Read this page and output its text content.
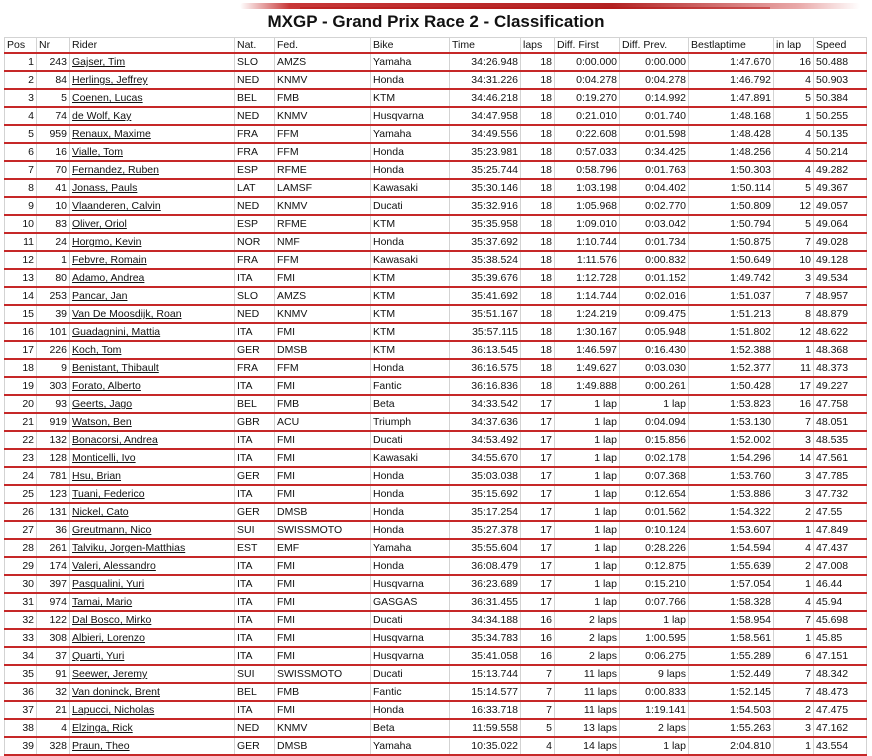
MXGP - Grand Prix Race 2 - Classification
Pos	Nr	Rider	Nat.	Fed.	Bike	Time	laps	Diff. First	Diff. Prev.	Bestlaptime	in lap	Speed
1	243	Gajser, Tim	SLO	AMZS	Yamaha	34:26.948	18	0:00.000	0:00.000	1:47.670	16	50.488
2	84	Herlings, Jeffrey	NED	KNMV	Honda	34:31.226	18	0:04.278	0:04.278	1:46.792	4	50.903
3	5	Coenen, Lucas	BEL	FMB	KTM	34:46.218	18	0:19.270	0:14.992	1:47.891	5	50.384
4	74	de Wolf, Kay	NED	KNMV	Husqvarna	34:47.958	18	0:21.010	0:01.740	1:48.168	1	50.255
5	959	Renaux, Maxime	FRA	FFM	Yamaha	34:49.556	18	0:22.608	0:01.598	1:48.428	4	50.135
6	16	Vialle, Tom	FRA	FFM	Honda	35:23.981	18	0:57.033	0:34.425	1:48.256	4	50.214
7	70	Fernandez, Ruben	ESP	RFME	Honda	35:25.744	18	0:58.796	0:01.763	1:50.303	4	49.282
8	41	Jonass, Pauls	LAT	LAMSF	Kawasaki	35:30.146	18	1:03.198	0:04.402	1:50.114	5	49.367
9	10	Vlaanderen, Calvin	NED	KNMV	Ducati	35:32.916	18	1:05.968	0:02.770	1:50.809	12	49.057
10	83	Oliver, Oriol	ESP	RFME	KTM	35:35.958	18	1:09.010	0:03.042	1:50.794	5	49.064
11	24	Horgmo, Kevin	NOR	NMF	Honda	35:37.692	18	1:10.744	0:01.734	1:50.875	7	49.028
12	1	Febvre, Romain	FRA	FFM	Kawasaki	35:38.524	18	1:11.576	0:00.832	1:50.649	10	49.128
13	80	Adamo, Andrea	ITA	FMI	KTM	35:39.676	18	1:12.728	0:01.152	1:49.742	3	49.534
14	253	Pancar, Jan	SLO	AMZS	KTM	35:41.692	18	1:14.744	0:02.016	1:51.037	7	48.957
15	39	Van De Moosdijk, Roan	NED	KNMV	KTM	35:51.167	18	1:24.219	0:09.475	1:51.213	8	48.879
16	101	Guadagnini, Mattia	ITA	FMI	KTM	35:57.115	18	1:30.167	0:05.948	1:51.802	12	48.622
17	226	Koch, Tom	GER	DMSB	KTM	36:13.545	18	1:46.597	0:16.430	1:52.388	1	48.368
18	9	Benistant, Thibault	FRA	FFM	Honda	36:16.575	18	1:49.627	0:03.030	1:52.377	11	48.373
19	303	Forato, Alberto	ITA	FMI	Fantic	36:16.836	18	1:49.888	0:00.261	1:50.428	17	49.227
20	93	Geerts, Jago	BEL	FMB	Beta	34:33.542	17	1 lap	1 lap	1:53.823	16	47.758
21	919	Watson, Ben	GBR	ACU	Triumph	34:37.636	17	1 lap	0:04.094	1:53.130	7	48.051
22	132	Bonacorsi, Andrea	ITA	FMI	Ducati	34:53.492	17	1 lap	0:15.856	1:52.002	3	48.535
23	128	Monticelli, Ivo	ITA	FMI	Kawasaki	34:55.670	17	1 lap	0:02.178	1:54.296	14	47.561
24	781	Hsu, Brian	GER	FMI	Honda	35:03.038	17	1 lap	0:07.368	1:53.760	3	47.785
25	123	Tuani, Federico	ITA	FMI	Honda	35:15.692	17	1 lap	0:12.654	1:53.886	3	47.732
26	131	Nickel, Cato	GER	DMSB	Honda	35:17.254	17	1 lap	0:01.562	1:54.322	2	47.55
27	36	Greutmann, Nico	SUI	SWISSMOTO	Honda	35:27.378	17	1 lap	0:10.124	1:53.607	1	47.849
28	261	Talviku, Jorgen-Matthias	EST	EMF	Yamaha	35:55.604	17	1 lap	0:28.226	1:54.594	4	47.437
29	174	Valeri, Alessandro	ITA	FMI	Honda	36:08.479	17	1 lap	0:12.875	1:55.639	2	47.008
30	397	Pasqualini, Yuri	ITA	FMI	Husqvarna	36:23.689	17	1 lap	0:15.210	1:57.054	1	46.44
31	974	Tamai, Mario	ITA	FMI	GASGAS	36:31.455	17	1 lap	0:07.766	1:58.328	4	45.94
32	122	Dal Bosco, Mirko	ITA	FMI	Ducati	34:34.188	16	2 laps	1 lap	1:58.954	7	45.698
33	308	Albieri, Lorenzo	ITA	FMI	Husqvarna	35:34.783	16	2 laps	1:00.595	1:58.561	1	45.85
34	37	Quarti, Yuri	ITA	FMI	Husqvarna	35:41.058	16	2 laps	0:06.275	1:55.289	6	47.151
35	91	Seewer, Jeremy	SUI	SWISSMOTO	Ducati	15:13.744	7	11 laps	9 laps	1:52.449	7	48.342
36	32	Van doninck, Brent	BEL	FMB	Fantic	15:14.577	7	11 laps	0:00.833	1:52.145	7	48.473
37	21	Lapucci, Nicholas	ITA	FMI	Honda	16:33.718	7	11 laps	1:19.141	1:54.503	2	47.475
38	4	Elzinga, Rick	NED	KNMV	Beta	11:59.558	5	13 laps	2 laps	1:55.263	3	47.162
39	328	Praun, Theo	GER	DMSB	Yamaha	10:35.022	4	14 laps	1 lap	2:04.810	1	43.554
